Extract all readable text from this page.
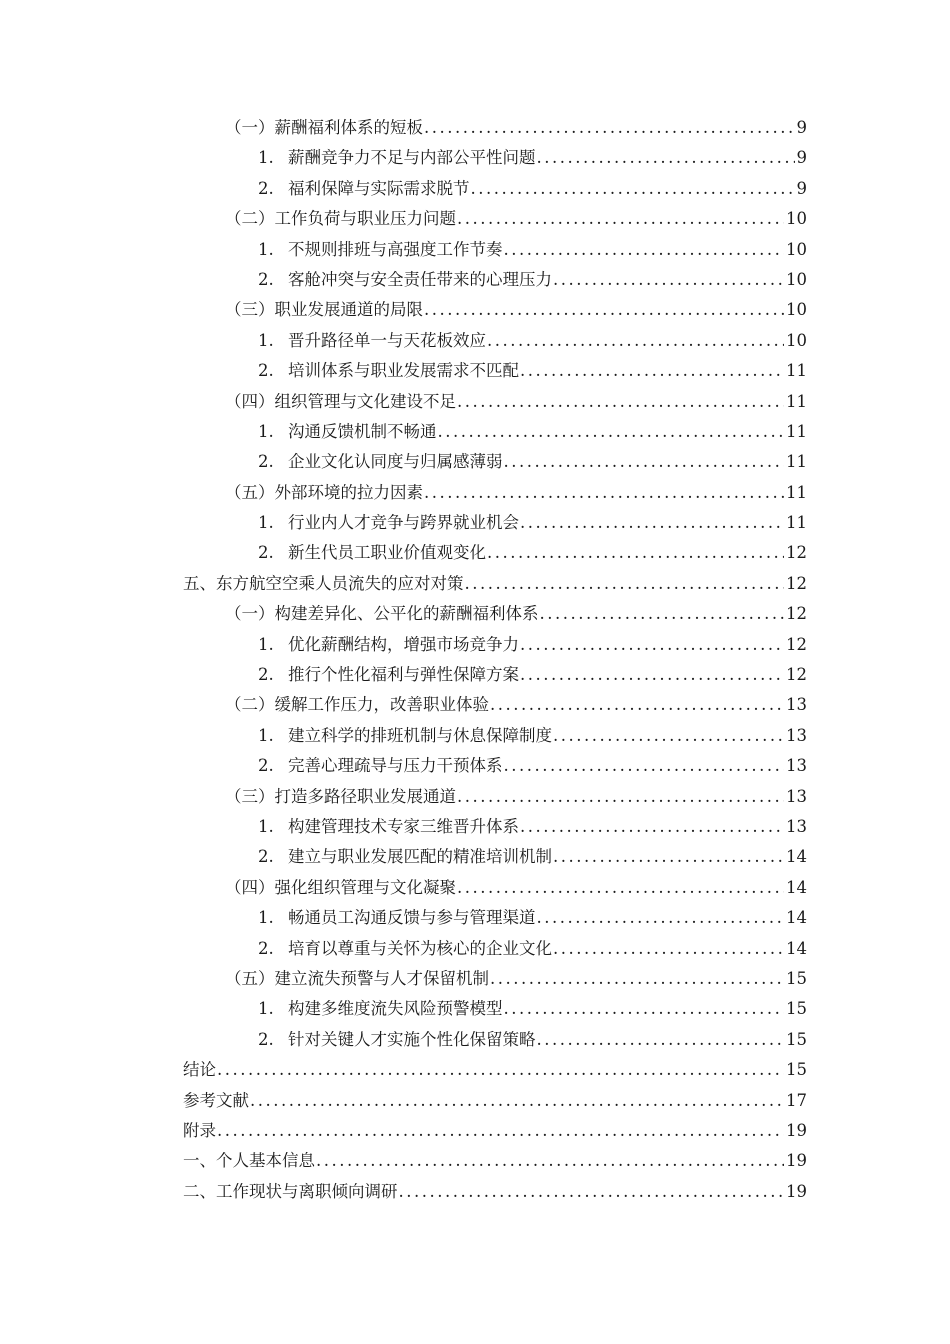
（一）薪酬福利体系的短板 .....	9
1. 薪酬竞争力不足与内部公平性问题 .....	9
2. 福利保障与实际需求脱节 .....	9
（二）工作负荷与职业压力问题 .....	10
1. 不规则排班与高强度工作节奏 .....	10
2. 客舱冲突与安全责任带来的心理压力 .....	10
（三）职业发展通道的局限 .....	10
1. 晋升路径单一与天花板效应 .....	10
2. 培训体系与职业发展需求不匹配 .....	11
（四）组织管理与文化建设不足 .....	11
1. 沟通反馈机制不畅通 .....	11
2. 企业文化认同度与归属感薄弱 .....	11
（五）外部环境的拉力因素 .....	11
1. 行业内人才竞争与跨界就业机会 .....	11
2. 新生代员工职业价值观变化 .....	12
五、东方航空空乘人员流失的应对对策 .....	12
（一）构建差异化、公平化的薪酬福利体系 .....	12
1. 优化薪酬结构，增强市场竞争力 .....	12
2. 推行个性化福利与弹性保障方案 .....	12
（二）缓解工作压力，改善职业体验 .....	13
1. 建立科学的排班机制与休息保障制度 .....	13
2. 完善心理疏导与压力干预体系 .....	13
（三）打造多路径职业发展通道 .....	13
1. 构建管理技术专家三维晋升体系 .....	13
2. 建立与职业发展匹配的精准培训机制 .....	14
（四）强化组织管理与文化凝聚 .....	14
1. 畅通员工沟通反馈与参与管理渠道 .....	14
2. 培育以尊重与关怀为核心的企业文化 .....	14
（五）建立流失预警与人才保留机制 .....	15
1. 构建多维度流失风险预警模型 .....	15
2. 针对关键人才实施个性化保留策略 .....	15
结论 .....	15
参考文献 .....	17
附录 .....	19
一、个人基本信息 .....	19
二、工作现状与离职倾向调研 .....	19
